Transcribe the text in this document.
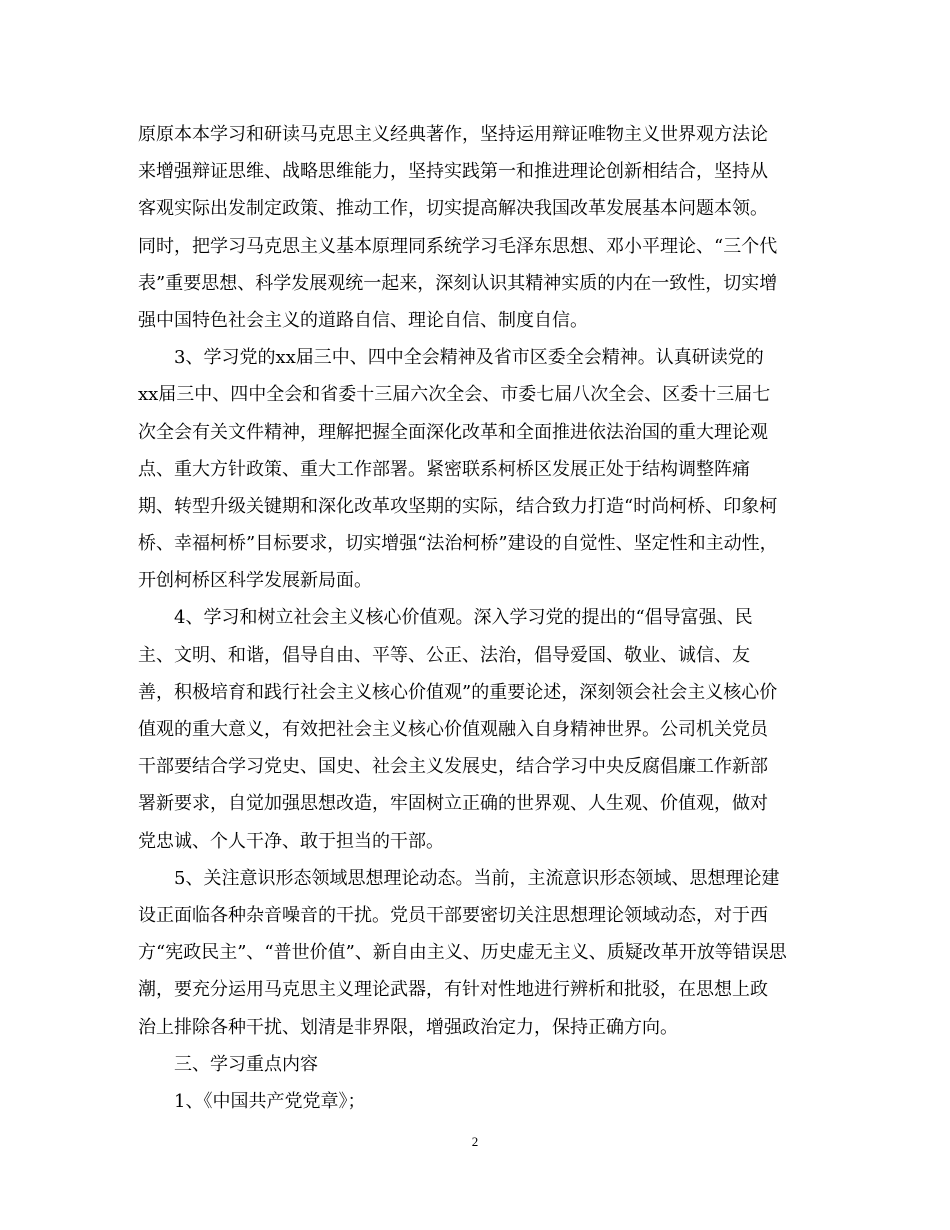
原原本本学习和研读马克思主义经典著作，坚持运用辩证唯物主义世界观方法论
来增强辩证思维、战略思维能力，坚持实践第一和推进理论创新相结合，坚持从
客观实际出发制定政策、推动工作，切实提高解决我国改革发展基本问题本领。
同时，把学习马克思主义基本原理同系统学习毛泽东思想、邓小平理论、“三个代
表”重要思想、科学发展观统一起来，深刻认识其精神实质的内在一致性，切实增
强中国特色社会主义的道路自信、理论自信、制度自信。
3、学习党的xx届三中、四中全会精神及省市区委全会精神。认真研读党的
xx届三中、四中全会和省委十三届六次全会、市委七届八次全会、区委十三届七
次全会有关文件精神，理解把握全面深化改革和全面推进依法治国的重大理论观
点、重大方针政策、重大工作部署。紧密联系柯桥区发展正处于结构调整阵痛
期、转型升级关键期和深化改革攻坚期的实际，结合致力打造“时尚柯桥、印象柯
桥、幸福柯桥”目标要求，切实增强“法治柯桥”建设的自觉性、坚定性和主动性，
开创柯桥区科学发展新局面。
4、学习和树立社会主义核心价值观。深入学习党的提出的“倡导富强、民
主、文明、和谐，倡导自由、平等、公正、法治，倡导爱国、敬业、诚信、友
善，积极培育和践行社会主义核心价值观”的重要论述，深刻领会社会主义核心价
值观的重大意义，有效把社会主义核心价值观融入自身精神世界。公司机关党员
干部要结合学习党史、国史、社会主义发展史，结合学习中央反腐倡廉工作新部
署新要求，自觉加强思想改造，牢固树立正确的世界观、人生观、价值观，做对
党忠诚、个人干净、敢于担当的干部。
5、关注意识形态领域思想理论动态。当前，主流意识形态领域、思想理论建
设正面临各种杂音噪音的干扰。党员干部要密切关注思想理论领域动态，对于西
方“宪政民主”、“普世价值”、新自由主义、历史虚无主义、质疑改革开放等错误思
潮，要充分运用马克思主义理论武器，有针对性地进行辨析和批驳，在思想上政
治上排除各种干扰、划清是非界限，增强政治定力，保持正确方向。
三、学习重点内容
1、《中国共产党党章》；
2
